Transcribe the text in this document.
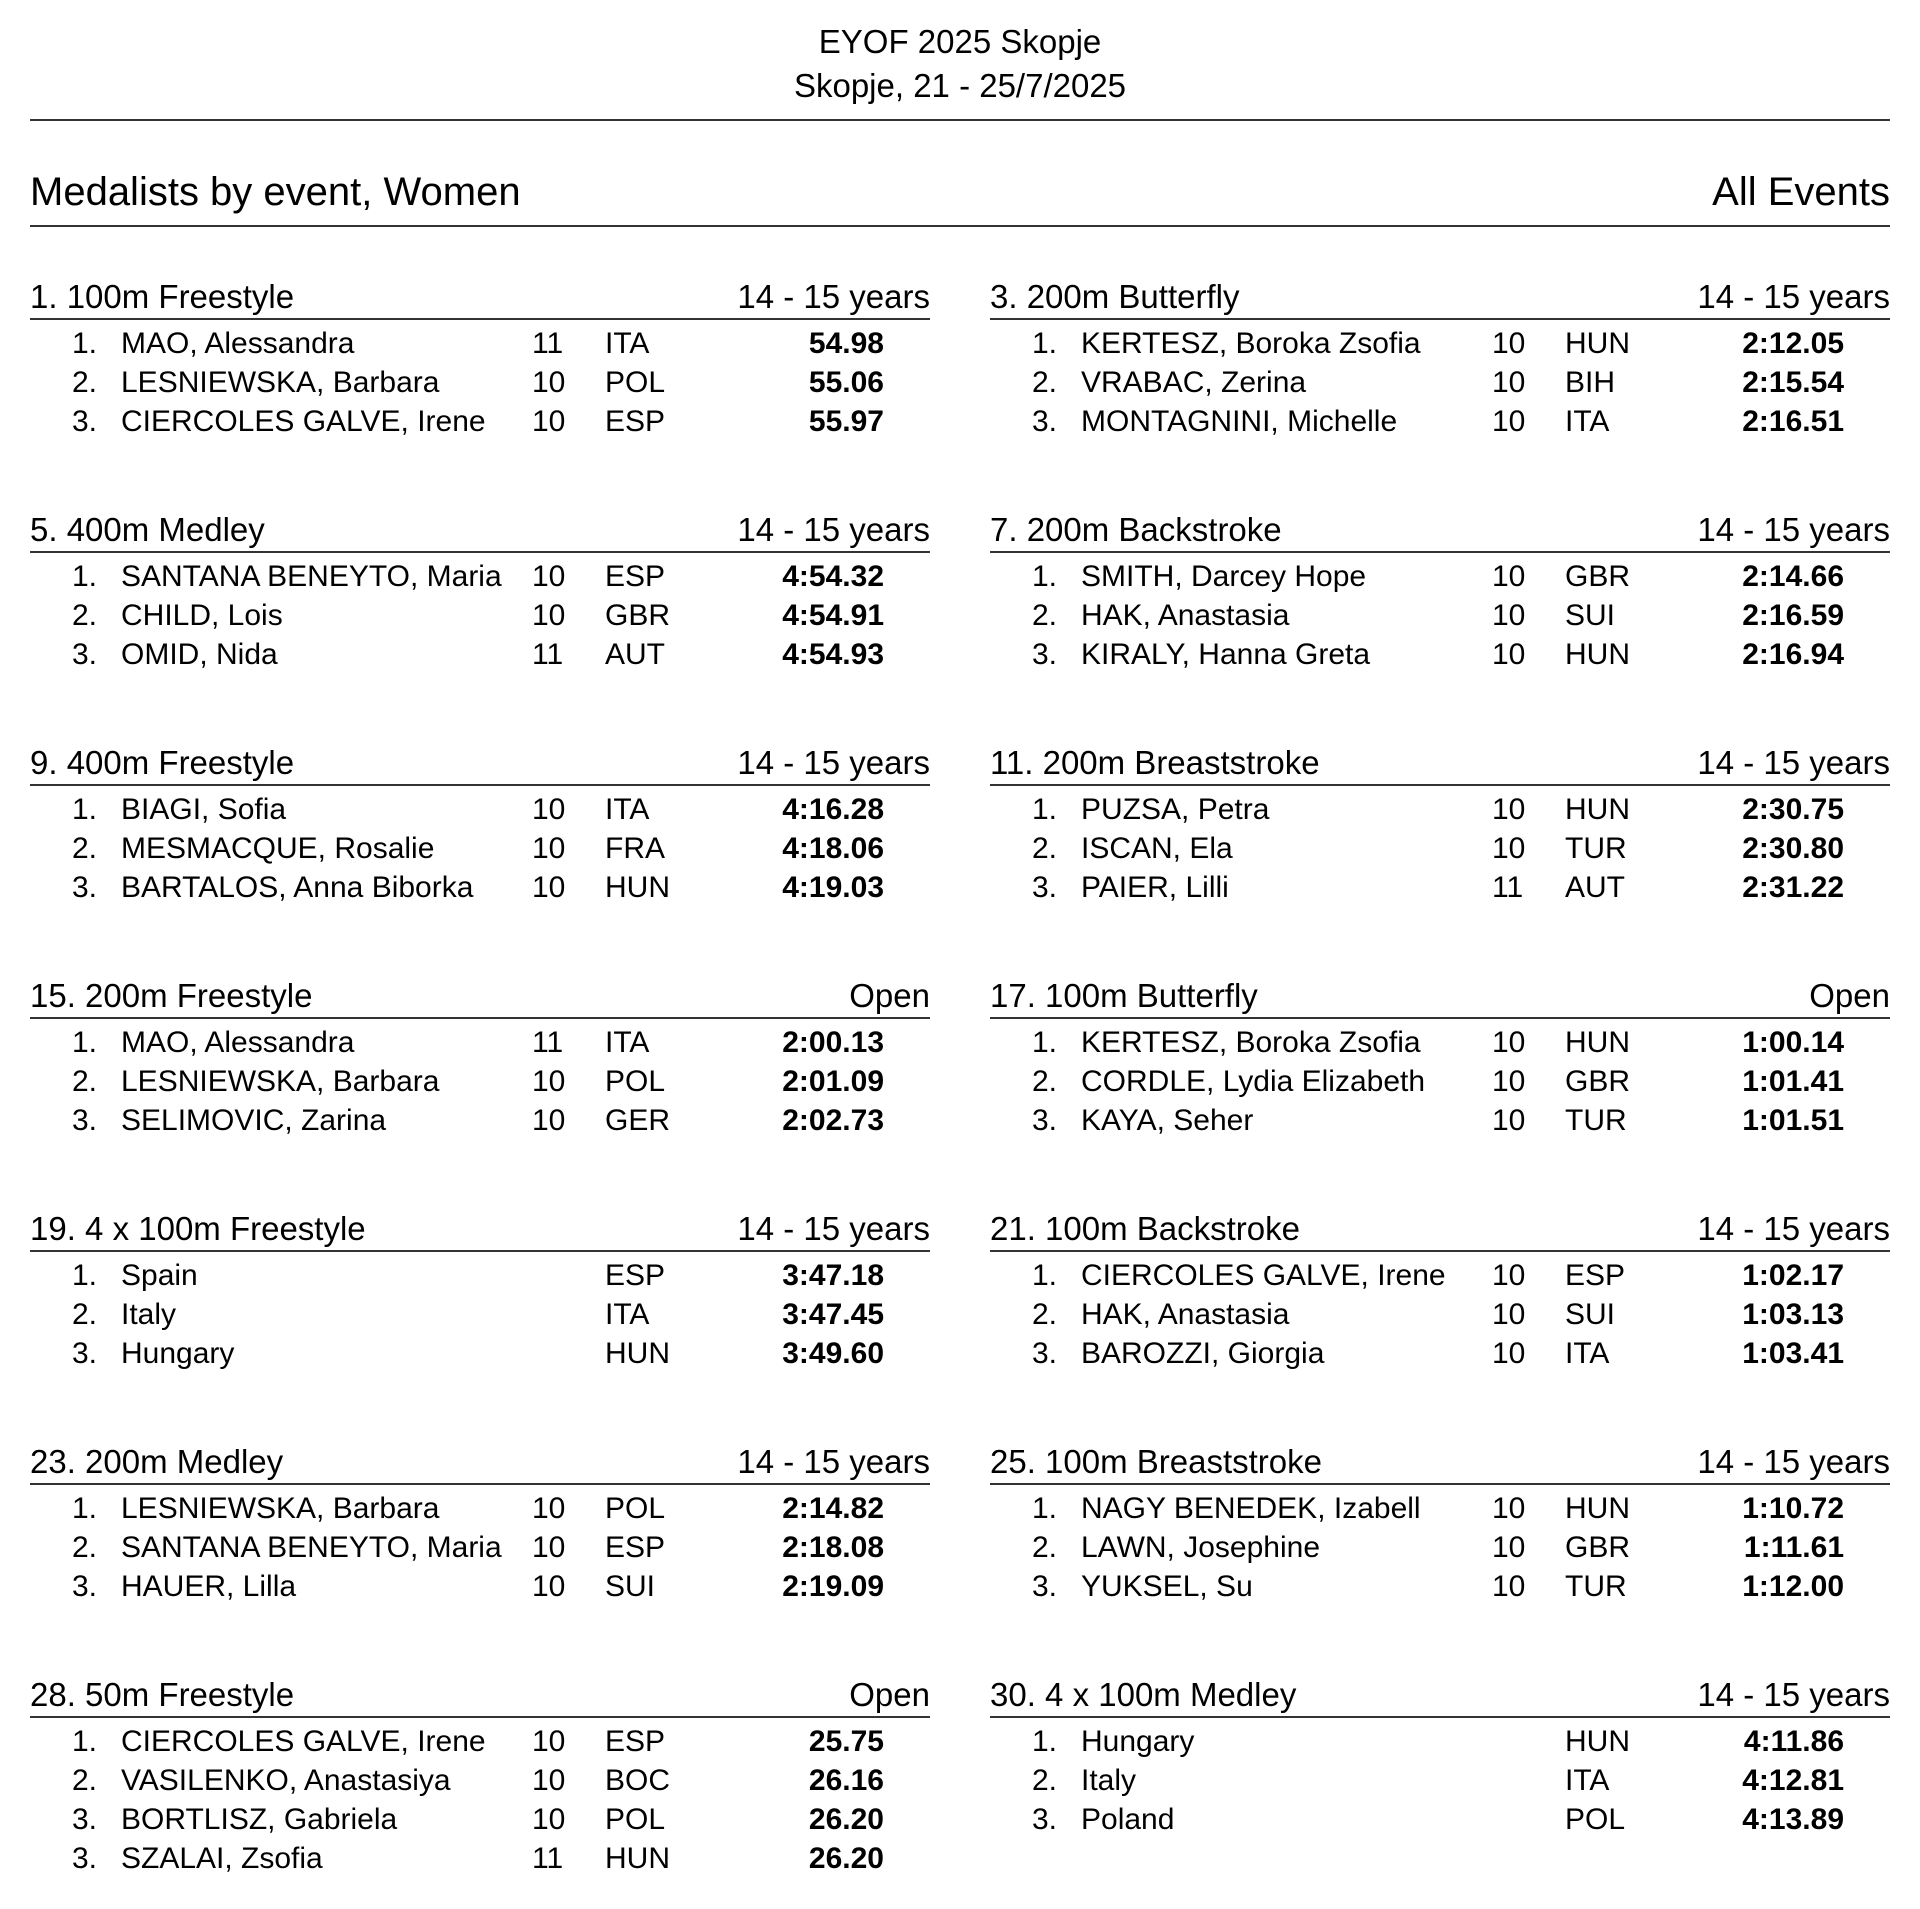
EYOF 2025 Skopje
Skopje, 21 - 25/7/2025
Medalists by event, Women	All Events
1. 100m Freestyle	14 - 15 years
1. MAO, Alessandra	11 ITA	54.98
2. LESNIEWSKA, Barbara	10 POL	55.06
3. CIERCOLES GALVE, Irene 10 ESP	55.97
3. 200m Butterfly	14 - 15 years
1. KERTESZ, Boroka Zsofia 10 HUN	2:12.05
2. VRABAC, Zerina	10 BIH	2:15.54
3. MONTAGNINI, Michelle	10 ITA	2:16.51
5. 400m Medley	14 - 15 years
1. SANTANA BENEYTO, Maria 10 ESP	4:54.32
2. CHILD, Lois	10 GBR	4:54.91
3. OMID, Nida	11 AUT	4:54.93
7. 200m Backstroke	14 - 15 years
1. SMITH, Darcey Hope	10 GBR	2:14.66
2. HAK, Anastasia	10 SUI	2:16.59
3. KIRALY, Hanna Greta	10 HUN	2:16.94
9. 400m Freestyle	14 - 15 years
1. BIAGI, Sofia	10 ITA	4:16.28
2. MESMACQUE, Rosalie	10 FRA	4:18.06
3. BARTALOS, Anna Biborka 10 HUN	4:19.03
11. 200m Breaststroke	14 - 15 years
1. PUZSA, Petra	10 HUN	2:30.75
2. ISCAN, Ela	10 TUR	2:30.80
3. PAIER, Lilli	11 AUT	2:31.22
15. 200m Freestyle	Open
1. MAO, Alessandra	11 ITA	2:00.13
2. LESNIEWSKA, Barbara	10 POL	2:01.09
3. SELIMOVIC, Zarina	10 GER	2:02.73
17. 100m Butterfly	Open
1. KERTESZ, Boroka Zsofia 10 HUN	1:00.14
2. CORDLE, Lydia Elizabeth 10 GBR	1:01.41
3. KAYA, Seher	10 TUR	1:01.51
19. 4 x 100m Freestyle	14 - 15 years
1. Spain	ESP	3:47.18
2. Italy	ITA	3:47.45
3. Hungary	HUN	3:49.60
21. 100m Backstroke	14 - 15 years
1. CIERCOLES GALVE, Irene 10 ESP	1:02.17
2. HAK, Anastasia	10 SUI	1:03.13
3. BAROZZI, Giorgia	10 ITA	1:03.41
23. 200m Medley	14 - 15 years
1. LESNIEWSKA, Barbara	10 POL	2:14.82
2. SANTANA BENEYTO, Maria 10 ESP	2:18.08
3. HAUER, Lilla	10 SUI	2:19.09
25. 100m Breaststroke	14 - 15 years
1. NAGY BENEDEK, Izabell 10 HUN	1:10.72
2. LAWN, Josephine	10 GBR	1:11.61
3. YUKSEL, Su	10 TUR	1:12.00
28. 50m Freestyle	Open
1. CIERCOLES GALVE, Irene 10 ESP	25.75
2. VASILENKO, Anastasiya	10 BOC	26.16
3. BORTLISZ, Gabriela	10 POL	26.20
3. SZALAI, Zsofia	11 HUN	26.20
30. 4 x 100m Medley	14 - 15 years
1. Hungary	HUN	4:11.86
2. Italy	ITA	4:12.81
3. Poland	POL	4:13.89
